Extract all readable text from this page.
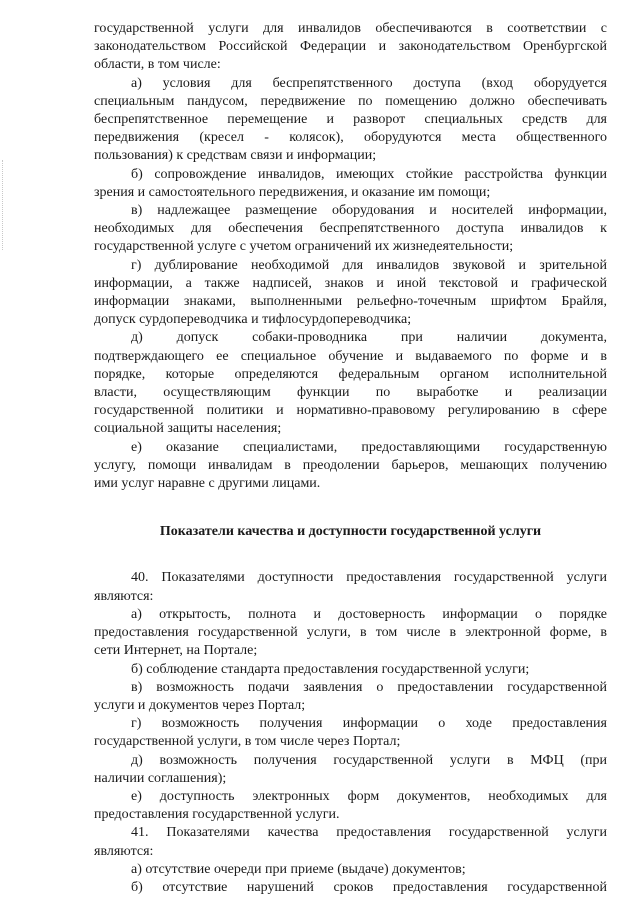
государственной услуги для инвалидов обеспечиваются в соответствии с
законодательством Российской Федерации и законодательством Оренбургской
области, в том числе:
а) условия для беспрепятственного доступа (вход оборудуется
специальным пандусом, передвижение по помещению должно обеспечивать
беспрепятственное перемещение и разворот специальных средств для
передвижения (кресел - колясок), оборудуются места общественного
пользования) к средствам связи и информации;
б) сопровождение инвалидов, имеющих стойкие расстройства функции
зрения и самостоятельного передвижения, и оказание им помощи;
в) надлежащее размещение оборудования и носителей информации,
необходимых для обеспечения беспрепятственного доступа инвалидов к
государственной услуге с учетом ограничений их жизнедеятельности;
г) дублирование необходимой для инвалидов звуковой и зрительной
информации, а также надписей, знаков и иной текстовой и графической
информации знаками, выполненными рельефно-точечным шрифтом Брайля,
допуск сурдопереводчика и тифлосурдопереводчика;
д) допуск собаки-проводника при наличии документа,
подтверждающего ее специальное обучение и выдаваемого по форме и в
порядке, которые определяются федеральным органом исполнительной
власти, осуществляющим функции по выработке и реализации
государственной политики и нормативно-правовому регулированию в сфере
социальной защиты населения;
е) оказание специалистами, предоставляющими государственную
услугу, помощи инвалидам в преодолении барьеров, мешающих получению
ими услуг наравне с другими лицами.
Показатели качества и доступности государственной услуги
40. Показателями доступности предоставления государственной услуги
являются:
а) открытость, полнота и достоверность информации о порядке
предоставления государственной услуги, в том числе в электронной форме, в
сети Интернет, на Портале;
б) соблюдение стандарта предоставления государственной услуги;
в) возможность подачи заявления о предоставлении государственной
услуги и документов через Портал;
г) возможность получения информации о ходе предоставления
государственной услуги, в том числе через Портал;
д) возможность получения государственной услуги в МФЦ (при
наличии соглашения);
е) доступность электронных форм документов, необходимых для
предоставления государственной услуги.
41. Показателями качества предоставления государственной услуги
являются:
а) отсутствие очереди при приеме (выдаче) документов;
б) отсутствие нарушений сроков предоставления государственной
